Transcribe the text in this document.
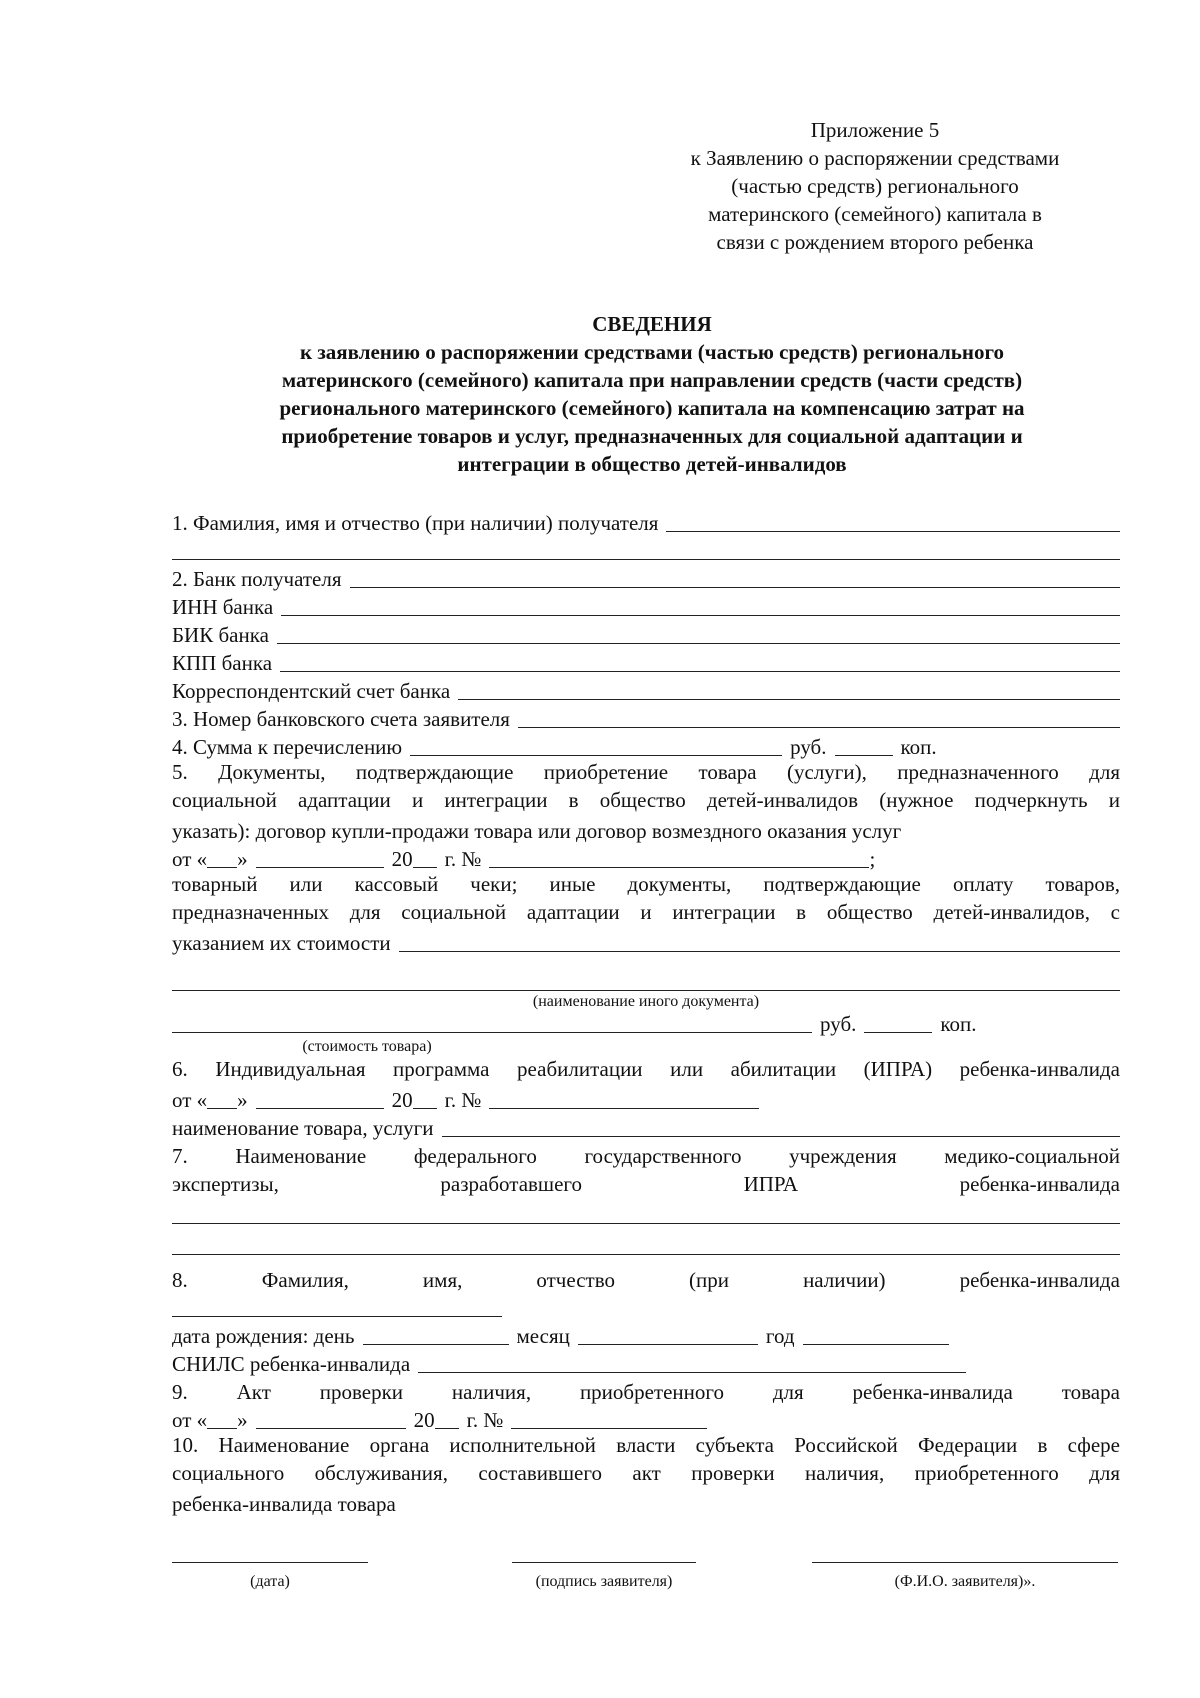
Приложение 5
к Заявлению о распоряжении средствами
(частью средств) регионального
материнского (семейного) капитала в
связи с рождением второго ребенка
СВЕДЕНИЯ
к заявлению о распоряжении средствами (частью средств) регионального
материнского (семейного) капитала при направлении средств (части средств)
регионального материнского (семейного) капитала на компенсацию затрат на
приобретение товаров и услуг, предназначенных для социальной адаптации и
интеграции в общество детей-инвалидов
1. Фамилия, имя и отчество (при наличии) получателя
2. Банк получателя
ИНН банка
БИК банка
КПП банка
Корреспондентский счет банка
3. Номер банковского счета заявителя
4. Сумма к перечислению	руб.	коп.
5. Документы, подтверждающие приобретение товара (услуги), предназначенного для
социальной адаптации и интеграции в общество детей-инвалидов (нужное подчеркнуть и
указать): договор купли-продажи товара или договор возмездного оказания услуг
от « »	20 г. №	;
товарный или кассовый чеки; иные документы, подтверждающие оплату товаров,
предназначенных для социальной адаптации и интеграции в общество детей-инвалидов, с
указанием их стоимости
(наименование иного документа)
руб.	коп.
(стоимость товара)
6. Индивидуальная программа реабилитации или абилитации (ИПРА) ребенка-инвалида
от « »	20 г. №
наименование товара, услуги
7. Наименование федерального государственного учреждения медико-социальной
экспертизы,	разработавшего	ИПРА	ребенка-инвалида
8.	Фамилия,	имя,	отчество	(при	наличии)	ребенка-инвалида
дата рождения: день	месяц	год
СНИЛС ребенка-инвалида
9. Акт проверки наличия, приобретенного для ребенка-инвалида товара
от « »	20 г. №
10. Наименование органа исполнительной власти субъекта Российской Федерации в сфере
социального обслуживания, составившего акт проверки наличия, приобретенного для
ребенка-инвалида товара
(дата)	(подпись заявителя)	(Ф.И.О. заявителя)».
